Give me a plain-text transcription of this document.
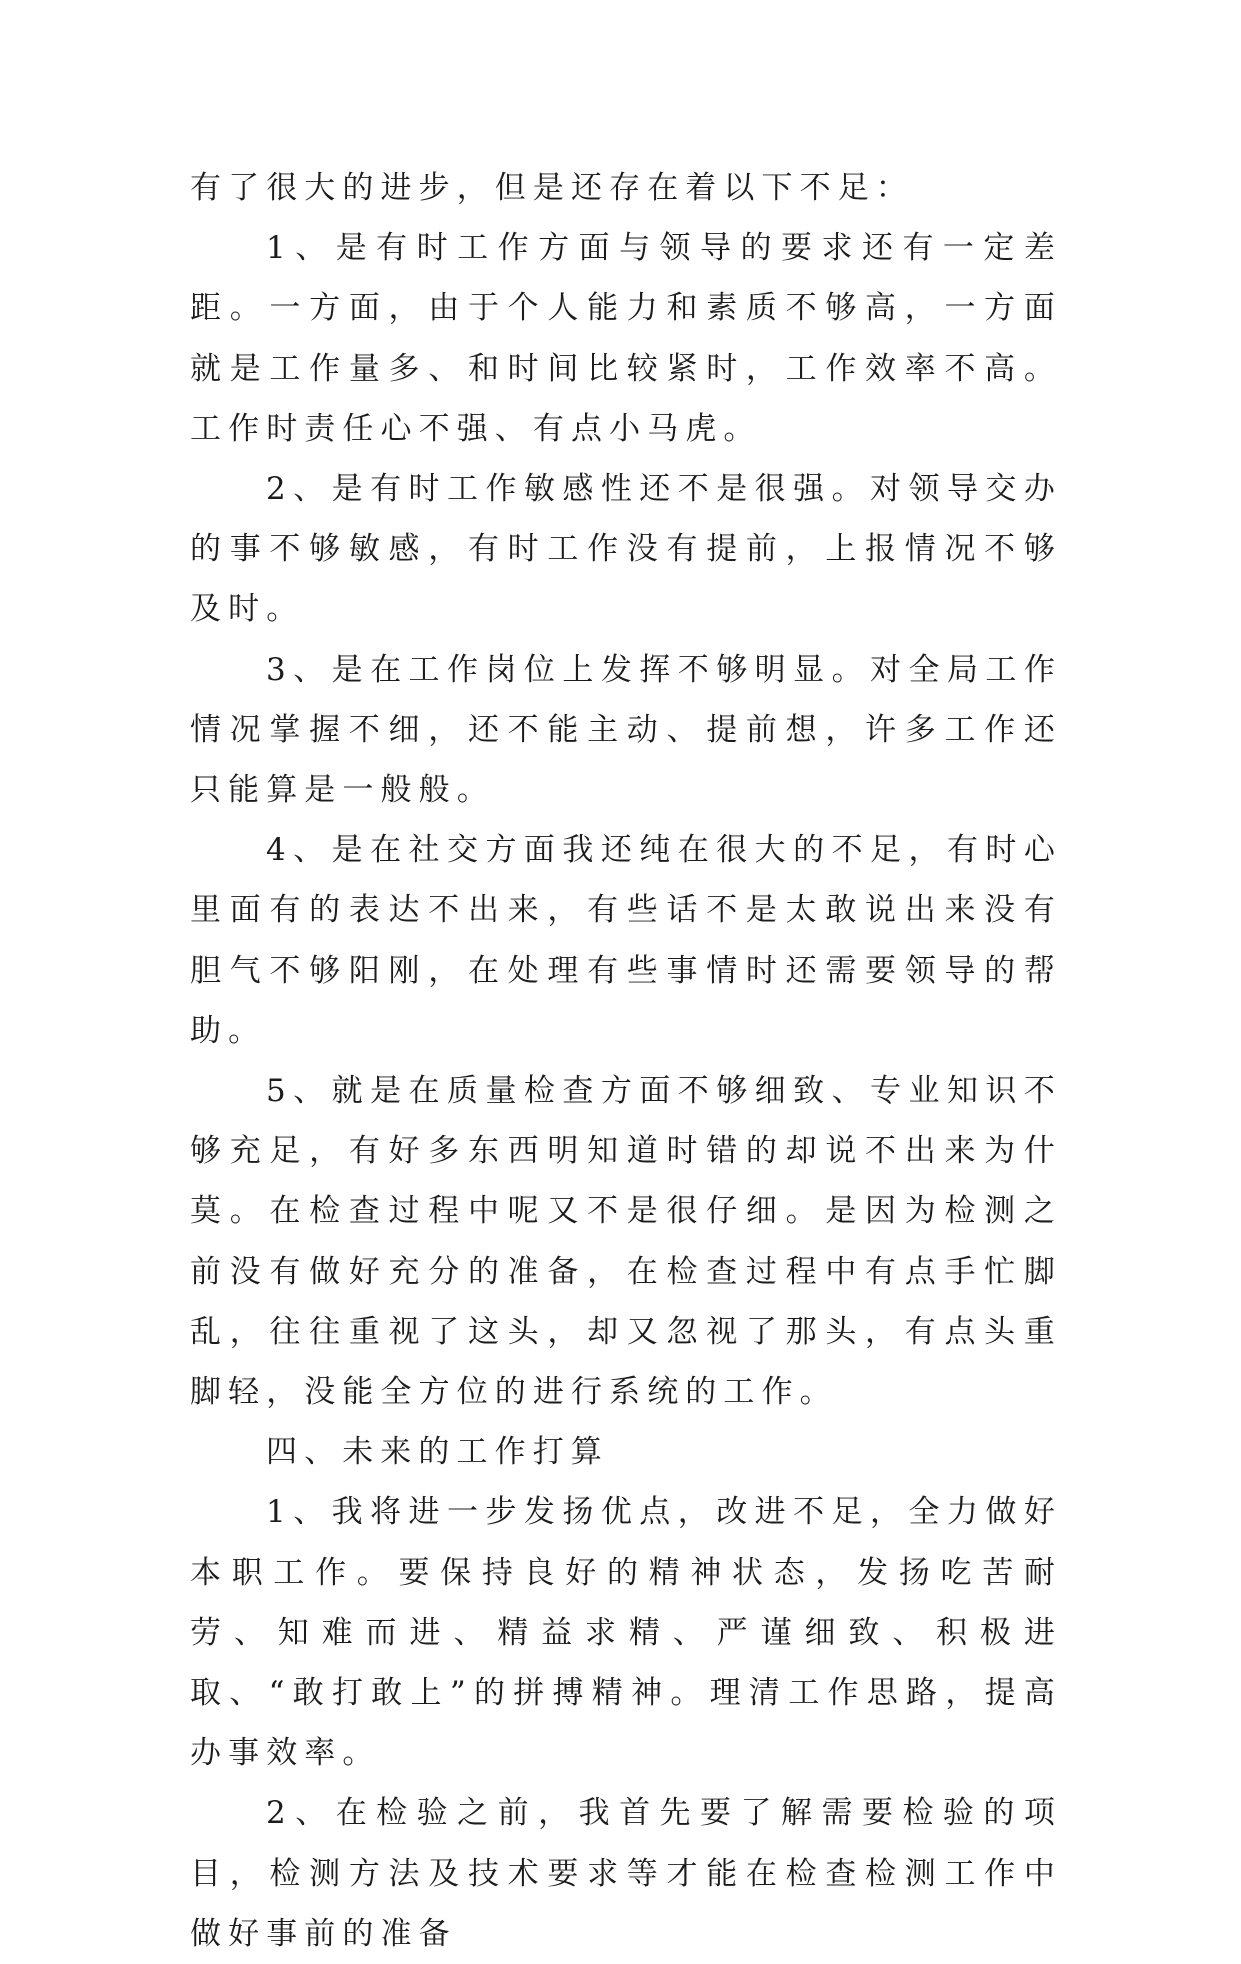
有了很大的进步，但是还存在着以下不足：

1、是有时工作方面与领导的要求还有一定差距。一方面，由于个人能力和素质不够高，一方面就是工作量多、和时间比较紧时，工作效率不高。工作时责任心不强、有点小马虎。

2、是有时工作敏感性还不是很强。对领导交办的事不够敏感，有时工作没有提前，上报情况不够及时。

3、是在工作岗位上发挥不够明显。对全局工作情况掌握不细，还不能主动、提前想，许多工作还只能算是一般般。

4、是在社交方面我还纯在很大的不足，有时心里面有的表达不出来，有些话不是太敢说出来没有胆气不够阳刚，在处理有些事情时还需要领导的帮助。

5、就是在质量检查方面不够细致、专业知识不够充足，有好多东西明知道时错的却说不出来为什莫。在检查过程中呢又不是很仔细。是因为检测之前没有做好充分的准备，在检查过程中有点手忙脚乱，往往重视了这头，却又忽视了那头，有点头重脚轻，没能全方位的进行系统的工作。

四、未来的工作打算

1、我将进一步发扬优点，改进不足，全力做好本职工作。要保持良好的精神状态，发扬吃苦耐劳、知难而进、精益求精、严谨细致、积极进取、“敢打敢上”的拼搏精神。理清工作思路，提高办事效率。

2、在检验之前，我首先要了解需要检验的项目，检测方法及技术要求等才能在检查检测工作中做好事前的准备
